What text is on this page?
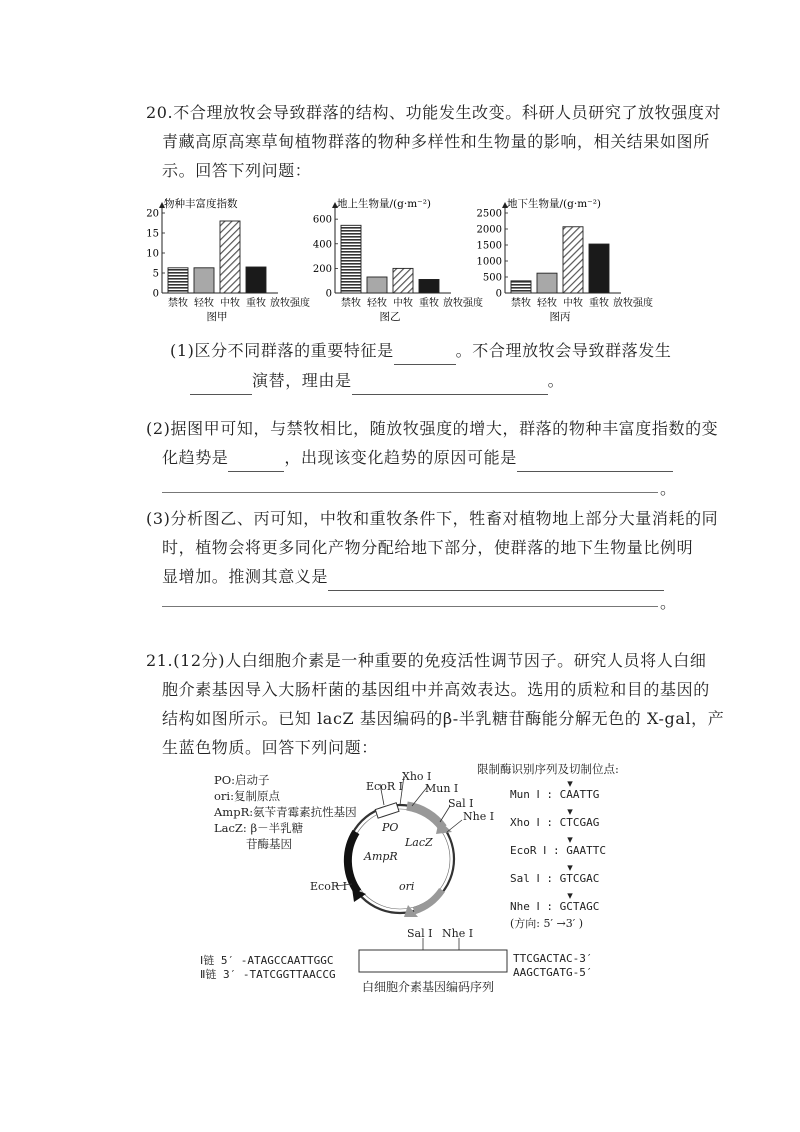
20.不合理放牧会导致群落的结构、功能发生改变。科研人员研究了放牧强度对
青藏高原高寒草甸植物群落的物种多样性和生物量的影响，相关结果如图所
示。回答下列问题：
物种丰富度指数
0
5
10
15
20
禁牧 轻牧 中牧 重牧 放牧强度
图甲
地上生物量/(g·m⁻²)
0
200
400
600
禁牧 轻牧 中牧 重牧 放牧强度
图乙
地下生物量/(g·m⁻²)
0
500
1000
1500
2000
2500
禁牧 轻牧 中牧 重牧 放牧强度
图丙
(1)区分不同群落的重要特征是	。不合理放牧会导致群落发生
演替，理由是	。
(2)据图甲可知，与禁牧相比，随放牧强度的增大，群落的物种丰富度指数的变
化趋势是	，出现该变化趋势的原因可能是
。
(3)分析图乙、丙可知，中牧和重牧条件下，牲畜对植物地上部分大量消耗的同
时，植物会将更多同化产物分配给地下部分，使群落的地下生物量比例明
显增加。推测其意义是
。
21.(12分)人白细胞介素是一种重要的免疫活性调节因子。研究人员将人白细
胞介素基因导入大肠杆菌的基因组中并高效表达。选用的质粒和目的基因的
结构如图所示。已知 lacZ 基因编码的β-半乳糖苷酶能分解无色的 X-gal，产
生蓝色物质。回答下列问题：
PO:启动子
ori:复制原点
AmpR:氨苄青霉素抗性基因
LacZ: β－半乳糖
苷酶基因
Xho Ⅰ
EcoR Ⅰ Mun Ⅰ
Sal Ⅰ
Nhe Ⅰ
PO
LacZ
AmpR
ori
EcoR Ⅰ
限制酶识别序列及切制位点:
▾
Mun Ⅰ : CAATTG
▾
Xho Ⅰ : CTCGAG
▾
EcoR Ⅰ : GAATTC
▾
Sal Ⅰ : GTCGAC
▾
Nhe Ⅰ : GCTAGC
(方向: 5′ →3′ )
Sal Ⅰ Nhe Ⅰ
Ⅰ链 5′ -ATAGCCAATTGGC
Ⅱ链 3′ -TATCGGTTAACCG
TTCGACTAC-3′
AAGCTGATG-5′
白细胞介素基因编码序列
